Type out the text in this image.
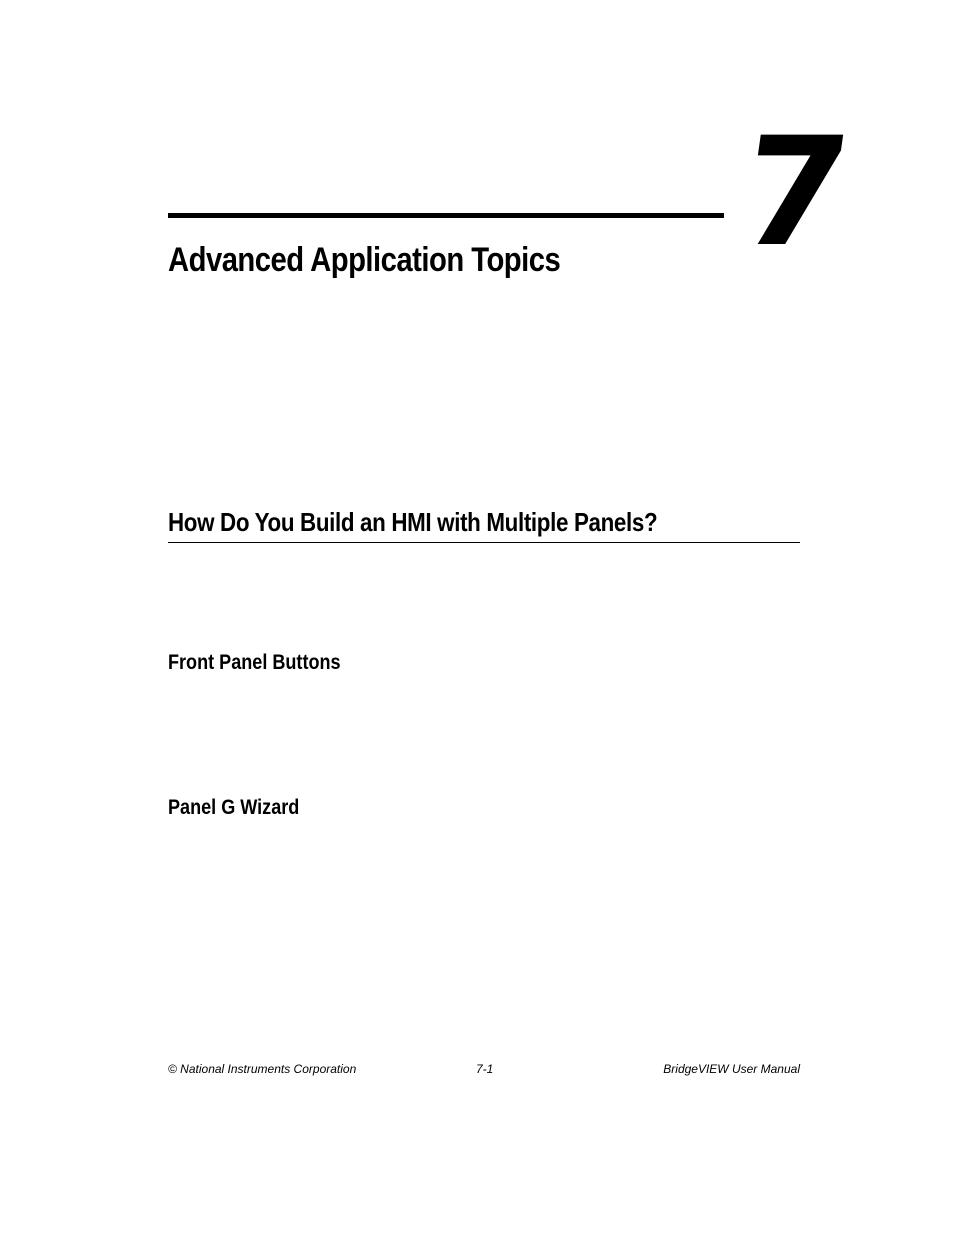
7
Advanced Application Topics
How Do You Build an HMI with Multiple Panels?
Front Panel Buttons
Panel G Wizard
© National Instruments Corporation	7-1	BridgeVIEW User Manual
